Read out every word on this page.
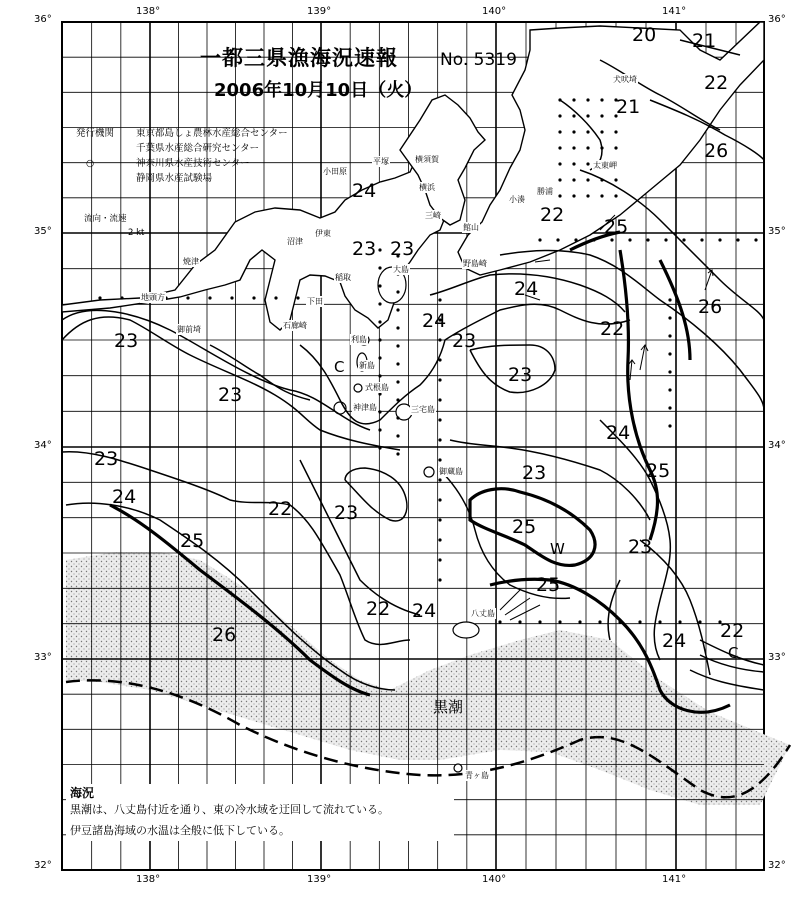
一都三県漁海況速報 No. 5319
2006年10月10日（火）
発行機関 東京都島しょ農林水産総合センター
千葉県水産総合研究センター
○	神奈川県水産技術センター
静岡県水産試験場
流向・流速
2 kt
138°	139°	140°	141°
138°	139°	140°	141°
36°
35°
34°
33°
32°
36°
35°
34°
33°
32°
犬吠埼
太東岬
勝浦
小湊
館山
野島崎
横須賀
横浜
平塚
小田原
三崎
伊東
沼津
焼津
地頭方
御前埼
稲取
下田
石廊崎
大島
利島
新島
式根島
神津島	三宅島
御蔵島
八丈島
青ヶ島
黒潮
20 21
21
22
22
22
22
22
22
23
23
23
23
23 23
23
23
23
23
24
24
24
24
24
24
24
25
25
25
25
25
26
26
26
C
C
W
海況
黒潮は、八丈島付近を通り、東の冷水域を迂回して流れている。
伊豆諸島海域の水温は全般に低下している。
